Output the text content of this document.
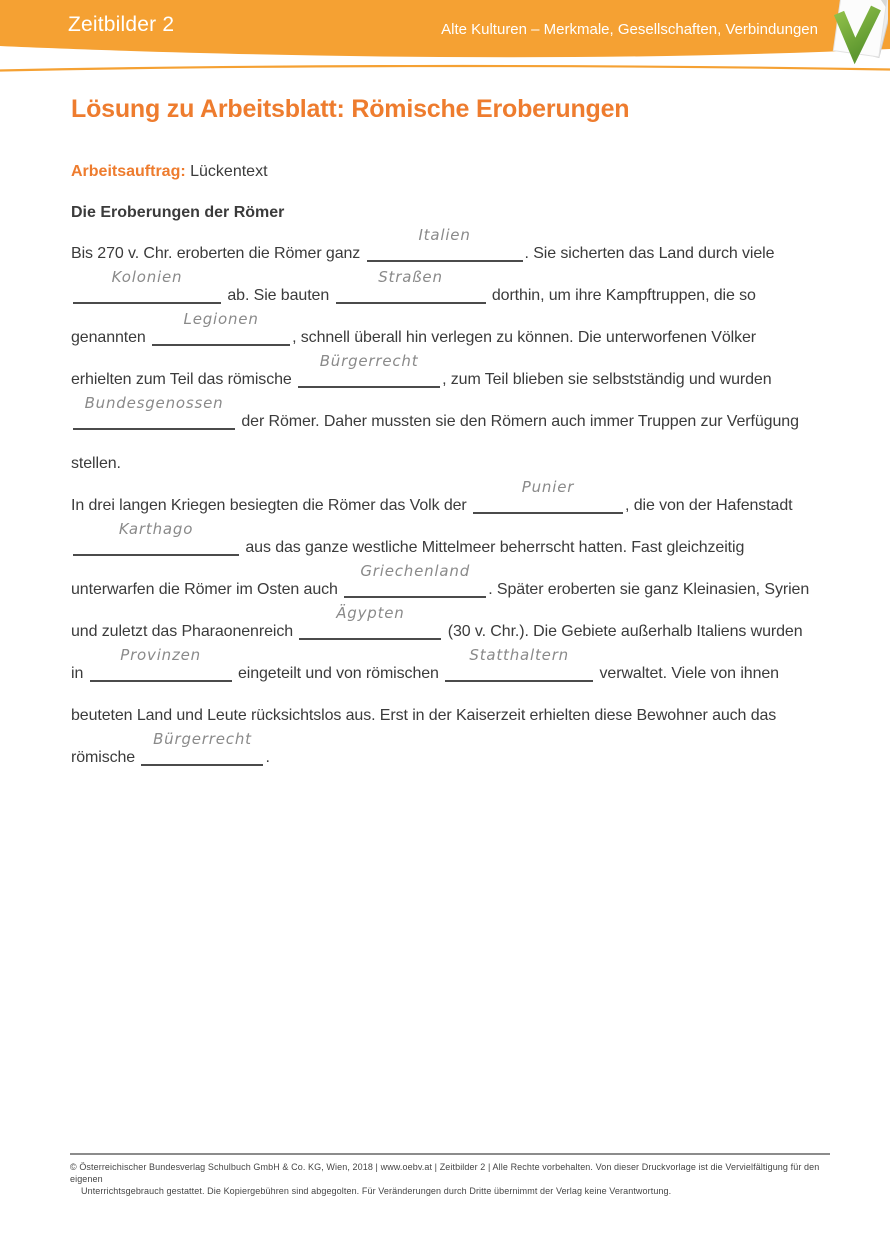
Zeitbilder 2	Alte Kulturen – Merkmale, Gesellschaften, Verbindungen
Lösung zu Arbeitsblatt: Römische Eroberungen
Arbeitsauftrag: Lückentext
Die Eroberungen der Römer
Bis 270 v. Chr. eroberten die Römer ganz
Italien
. Sie sicherten das Land durch viele
Kolonien
ab. Sie bauten
Straßen
dorthin, um ihre Kampftruppen, die so
genannten
Legionen
, schnell überall hin verlegen zu können. Die unterworfenen Völker
erhielten zum Teil das römische
Bürgerrecht
, zum Teil blieben sie selbstständig und wurden
Bundesgenossen
der Römer. Daher mussten sie den Römern auch immer Truppen zur Verfügung
stellen.
In drei langen Kriegen besiegten die Römer das Volk der
Punier
, die von der Hafenstadt
Karthago
aus das ganze westliche Mittelmeer beherrscht hatten. Fast gleichzeitig
unterwarfen die Römer im Osten auch
Griechenland
. Später eroberten sie ganz Kleinasien, Syrien
und zuletzt das Pharaonenreich
Ägypten
(30 v. Chr.). Die Gebiete außerhalb Italiens wurden
in
Provinzen
eingeteilt und von römischen
Statthaltern
verwaltet. Viele von ihnen
beuteten Land und Leute rücksichtslos aus. Erst in der Kaiserzeit erhielten diese Bewohner auch das
römische
Bürgerrecht
.
© Österreichischer Bundesverlag Schulbuch GmbH & Co. KG, Wien, 2018 | www.oebv.at | Zeitbilder 2 | Alle Rechte vorbehalten. Von dieser Druckvorlage ist die Vervielfältigung für den eigenen
Unterrichtsgebrauch gestattet. Die Kopiergebühren sind abgegolten. Für Veränderungen durch Dritte übernimmt der Verlag keine Verantwortung.
